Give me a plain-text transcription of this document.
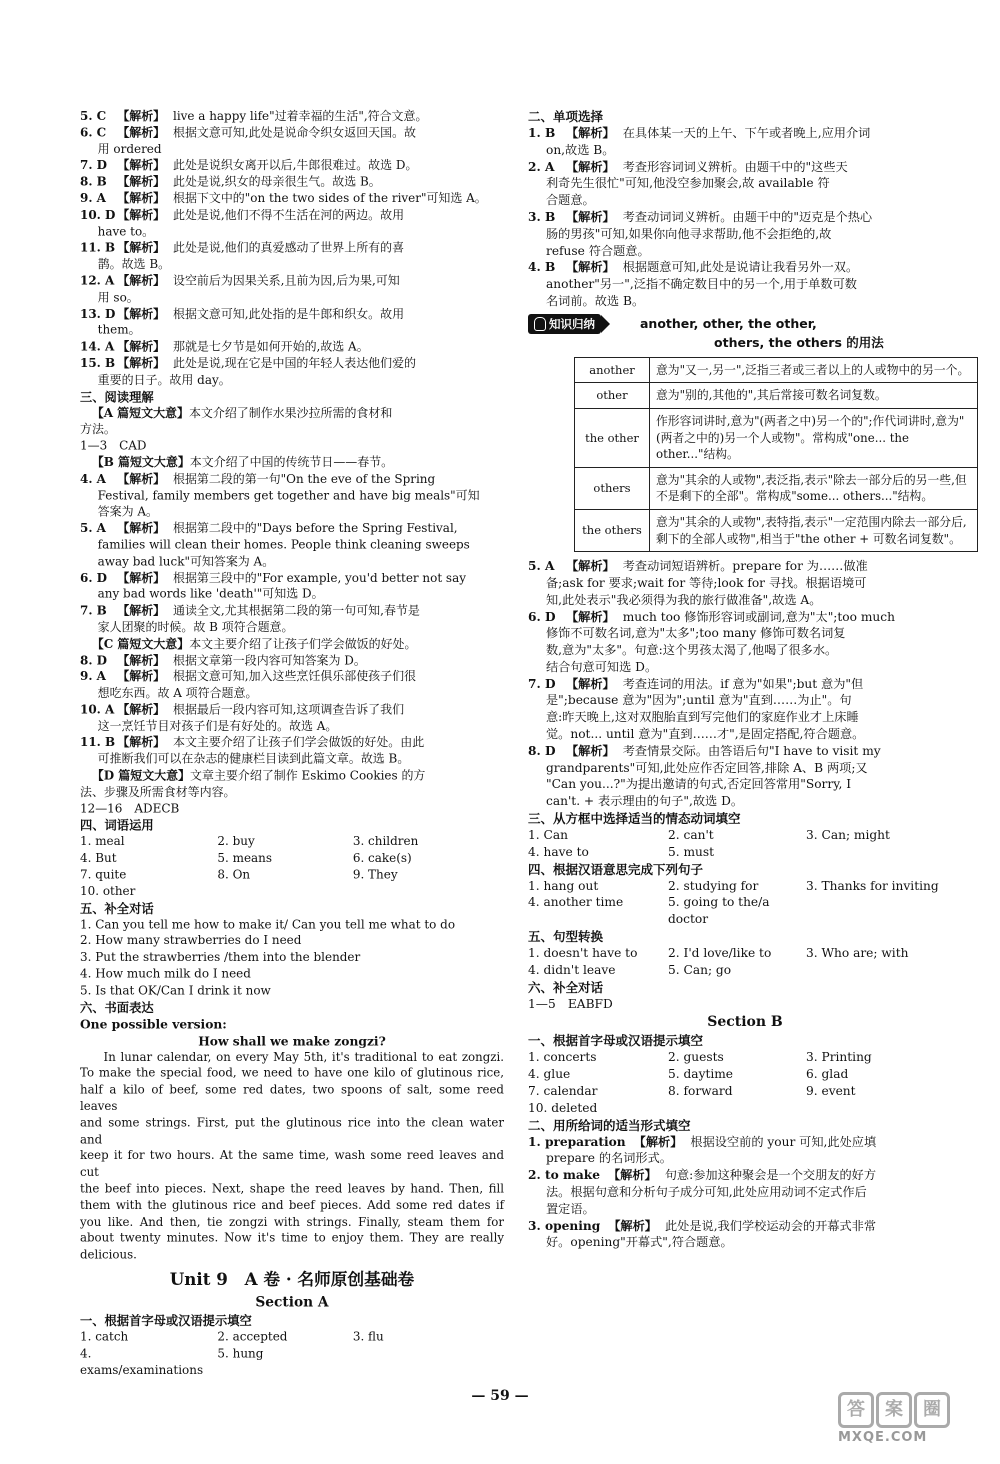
5. C 【解析】 live a happy life"过着幸福的生活",符合文意。
6. C 【解析】 根据文意可知,此处是说命令织女返回天国。故
用 ordered
7. D 【解析】 此处是说织女离开以后,牛郎很难过。故选 D。
8. B 【解析】 此处是说,织女的母亲很生气。故选 B。
9. A 【解析】 根据下文中的"on the two sides of the river"可知选 A。
10. D 【解析】 此处是说,他们不得不生活在河的两边。故用
have to。
11. B 【解析】 此处是说,他们的真爱感动了世界上所有的喜
鹊。故选 B。
12. A 【解析】 设空前后为因果关系,且前为因,后为果,可知
用 so。
13. D 【解析】 根据文意可知,此处指的是牛郎和织女。故用
them。
14. A 【解析】 那就是七夕节是如何开始的,故选 A。
15. B 【解析】 此处是说,现在它是中国的年轻人表达他们爱的
重要的日子。故用 day。
三、阅读理解
【A 篇短文大意】本文介绍了制作水果沙拉所需的食材和
方法。
1—3　CAD
【B 篇短文大意】本文介绍了中国的传统节日——春节。
4. A 【解析】 根据第二段的第一句"On the eve of the Spring
Festival, family members get together and have big meals"可知
答案为 A。
5. A 【解析】 根据第二段中的"Days before the Spring Festival,
families will clean their homes. People think cleaning sweeps
away bad luck"可知答案为 A。
6. D 【解析】 根据第三段中的"For example, you'd better not say
any bad words like 'death'"可知选 D。
7. B 【解析】 通读全文,尤其根据第二段的第一句可知,春节是
家人团聚的时候。故 B 项符合题意。
【C 篇短文大意】本文主要介绍了让孩子们学会做饭的好处。
8. D 【解析】 根据文章第一段内容可知答案为 D。
9. A 【解析】 根据文意可知,加入这些烹饪俱乐部使孩子们很
想吃东西。故 A 项符合题意。
10. A 【解析】 根据最后一段内容可知,这项调查告诉了我们
这一烹饪节目对孩子们是有好处的。故选 A。
11. B 【解析】 本文主要介绍了让孩子们学会做饭的好处。由此
可推断我们可以在杂志的健康栏目读到此篇文章。故选 B。
【D 篇短文大意】文章主要介绍了制作 Eskimo Cookies 的方
法、步骤及所需食材等内容。
12—16　ADECB
四、词语运用
1. meal	2. buy	3. children
4. But	5. means	6. cake(s)
7. quite	8. On	9. They
10. other
五、补全对话
1. Can you tell me how to make it/ Can you tell me what to do
2. How many strawberries do I need
3. Put the strawberries /them into the blender
4. How much milk do I need
5. Is that OK/Can I drink it now
六、书面表达
One possible version:
How shall we make zongzi?
In lunar calendar, on every May 5th, it's traditional to eat zongzi.
To make the special food, we need to have one kilo of glutinous rice,
half a kilo of beef, some red dates, two spoons of salt, some reed leaves
and some strings. First, put the glutinous rice into the clean water and
keep it for two hours. At the same time, wash some reed leaves and cut
the beef into pieces. Next, shape the reed leaves by hand. Then, fill
them with the glutinous rice and beef pieces. Add some red dates if
you like. And then, tie zongzi with strings. Finally, steam them for
about twenty minutes. Now it's time to enjoy them. They are really
delicious.
Unit 9　A 卷 · 名师原创基础卷
Section A
一、根据首字母或汉语提示填空
1. catch	2. accepted	3. flu
4. exams/examinations
5. hung
二、单项选择
1. B 【解析】 在具体某一天的上午、下午或者晚上,应用介词
on,故选 B。
2. A 【解析】 考查形容词词义辨析。由题干中的"这些天
利奇先生很忙"可知,他没空参加聚会,故 available 符
合题意。
3. B 【解析】 考查动词词义辨析。由题干中的"迈克是个热心
肠的男孩"可知,如果你向他寻求帮助,他不会拒绝的,故
refuse 符合题意。
4. B 【解析】 根据题意可知,此处是说请让我看另外一双。
another"另一",泛指不确定数目中的另一个,用于单数可数
名词前。故选 B。
知识归纳	another, other, the other,
others, the others 的用法
another	意为"又一,另一",泛指三者或三者以上的人或物中的另一个。
other	意为"别的,其他的",其后常接可数名词复数。
the other	作形容词讲时,意为"(两者之中)另一个的";作代词讲时,意为"(两者之中的)另一个人或物"。常构成"one... the other..."结构。
others	意为"其余的人或物",表泛指,表示"除去一部分后的另一些,但不是剩下的全部"。常构成"some... others..."结构。
the others	意为"其余的人或物",表特指,表示"一定范围内除去一部分后,剩下的全部人或物",相当于"the other + 可数名词复数"。
5. A 【解析】 考查动词短语辨析。prepare for 为……做准
备;ask for 要求;wait for 等待;look for 寻找。根据语境可
知,此处表示"我必须得为我的旅行做准备",故选 A。
6. D 【解析】 much too 修饰形容词或副词,意为"太";too much
修饰不可数名词,意为"太多";too many 修饰可数名词复
数,意为"太多"。句意:这个男孩太渴了,他喝了很多水。
结合句意可知选 D。
7. D 【解析】 考查连词的用法。if 意为"如果";but 意为"但
是";because 意为"因为";until 意为"直到……为止"。句
意:昨天晚上,这对双胞胎直到写完他们的家庭作业才上床睡
觉。not... until 意为"直到……才",是固定搭配,符合题意。
8. D 【解析】 考查情景交际。由答语后句"I have to visit my
grandparents"可知,此处应作否定回答,排除 A、B 两项;又
"Can you...?"为提出邀请的句式,否定回答常用"Sorry, I
can't. + 表示理由的句子",故选 D。
三、从方框中选择适当的情态动词填空
1. Can	2. can't	3. Can; might
4. have to	5. must
四、根据汉语意思完成下列句子
1. hang out	2. studying for	3. Thanks for inviting
4. another time	5. going to the/a doctor
五、句型转换
1. doesn't have to	2. I'd love/like to	3. Who are; with
4. didn't leave	5. Can; go
六、补全对话
1—5　EABFD
Section B
一、根据首字母或汉语提示填空
1. concerts	2. guests	3. Printing
4. glue	5. daytime	6. glad
7. calendar	8. forward	9. event
10. deleted
二、用所给词的适当形式填空
1. preparation 【解析】 根据设空前的 your 可知,此处应填
prepare 的名词形式。
2. to make 【解析】 句意:参加这种聚会是一个交朋友的好方
法。根据句意和分析句子成分可知,此处应用动词不定式作后
置定语。
3. opening 【解析】 此处是说,我们学校运动会的开幕式非常
好。opening"开幕式",符合题意。
— 59 —
答 案 圈
MXQE.COM
